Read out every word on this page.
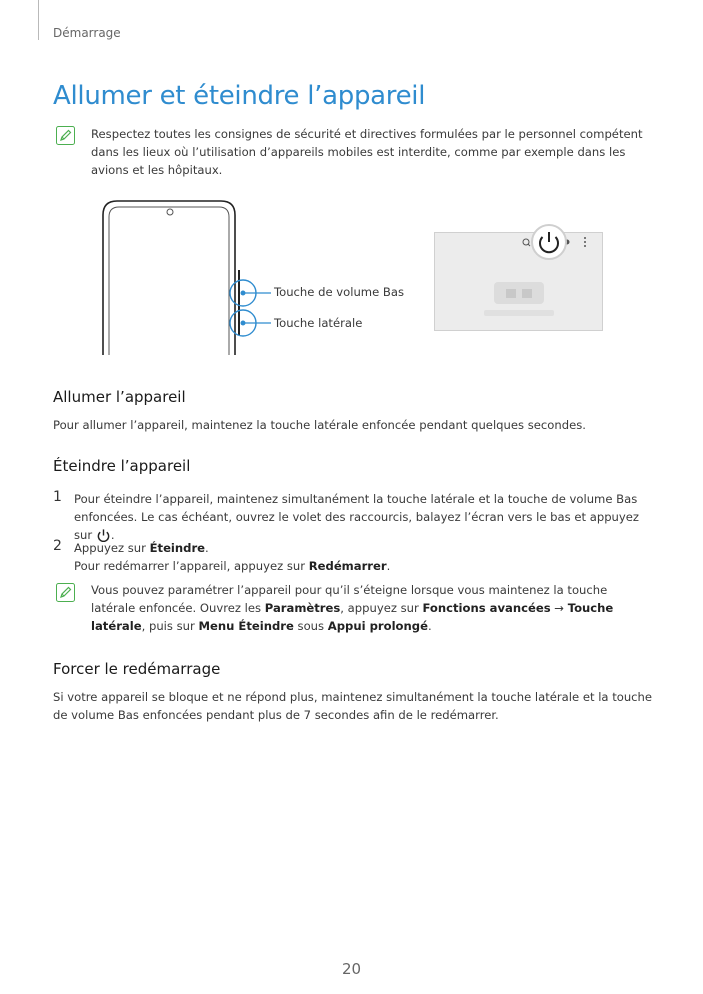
Démarrage
Allumer et éteindre l’appareil

Respectez toutes les consignes de sécurité et directives formulées par le personnel compétent dans les lieux où l’utilisation d’appareils mobiles est interdite, comme par exemple dans les avions et les hôpitaux.

Touche de volume Bas
Touche latérale
Allumer l’appareil

Pour allumer l’appareil, maintenez la touche latérale enfoncée pendant quelques secondes.

Éteindre l’appareil
1 Pour éteindre l’appareil, maintenez simultanément la touche latérale et la touche de volume Bas enfoncées. Le cas échéant, ouvrez le volet des raccourcis, balayez l’écran vers le bas et appuyez sur .

2 Appuyez sur Éteindre.
Pour redémarrer l’appareil, appuyez sur Redémarrer.

Vous pouvez paramétrer l’appareil pour qu’il s’éteigne lorsque vous maintenez la touche latérale enfoncée. Ouvrez les Paramètres, appuyez sur Fonctions avancées → Touche latérale, puis sur Menu Éteindre sous Appui prolongé.

Forcer le redémarrage

Si votre appareil se bloque et ne répond plus, maintenez simultanément la touche latérale et la touche de volume Bas enfoncées pendant plus de 7 secondes afin de le redémarrer.

20
